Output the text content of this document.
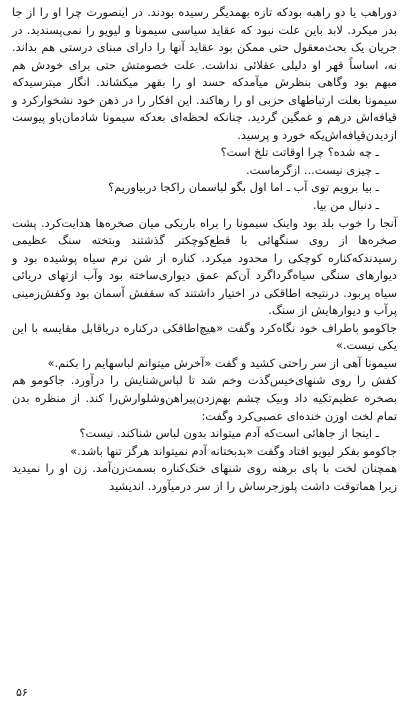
دوراهب یا دو راهبه بودکه تازه بهمدیگر رسیده بودند. در اینصورت چرا او را از جا بدر میکرد. لابد باین علت نبود که عقاید سیاسی سیمونا و لیویو را نمی‌پسندید. در جریان یک بحث‌معقول حتی ممکن بود عقاید آنها را دارای مبنای درستی هم بداند. نه، اساساً قهر او دلیلی عقلائی نداشت. علت خصومتش حتی برای خودش هم مبهم بود وگاهی بنظرش میآمدکه حسد او را بقهر میکشاند. انگار میترسیدکه سیمونا بعلت ارتباطهای حزبی او را رهاکند. این افکار را در ذهن خود نشخوارکرد و قیافه‌اش درهم و غمگین گردید. چنانکه لحظه‌ای بعدکه سیمونا شادمان‌باو پیوست ازدیدن‌قیافه‌اش‌یکه خورد و پرسید.

ـ چه شده؟ چرا اوقاتت تلخ است؟

ـ چیزی نیست... ازگرماست.

ـ بیا برویم توی آب ـ اما اول بگو لباسمان راکجا دربیاوریم؟

ـ دنبال من بیا.

آنجا را خوب بلد بود واینک سیمونا را براه باریکی میان صخره‌ها هدایت‌کرد. پشت صخره‌ها از روی سنگهائی با قطع‌کوچکتر گذشتند وبتخته سنگ عظیمی رسیدندکه‌کناره کوچکی را محدود میکرد. کناره از شن نرم سیاه پوشیده بود و دیوارهای سنگی سیاه‌گرداگرد آن‌کم عمق دیواری‌ساخته بود وآب از‌تهای دریائی سیاه پربود. درنتیجه اطاقکی در اختیار داشتند که سقفش آسمان بود وکفش‌زمینی پرآب و دیوارهایش از سنگ.

جاکومو باطراف خود نگاه‌کرد وگفت «هیچ‌اطاقکی درکناره دریاقابل مقایسه با این یکی نیست.»

سیمونا آهی از سر راحتی کشید و گفت «آخرش میتوانم لباسهایم را بکنم.»

کفش را روی شنهای‌خیس‌گذ‌ت وخم شد تا لباس‌شنایش را در‌آورد. جاکومو هم بصخره عظیم‌تکیه داد وبیک چشم بهم‌زدن‌پیراهن‌وشلوارش‌را کند. از منظره بدن تمام لخت اوزن خنده‌ای عصبی‌کرد وگفت:

ـ اینجا از جاهائی است‌که آدم میتواند بدون لباس شناکند. نیست؟

جاکومو بفکر لیویو افتاد وگفت «بدبختانه آدم نمیتواند هرگز تنها باشد.»

همچنان لخت با پای برهنه روی شنهای خنک‌کناره بسمت‌زن‌آمد. زن او را نمیدید زیرا هماتوقت داشت پلوزجرساش را از سر درمیآورد. اندیشید

۵۶
